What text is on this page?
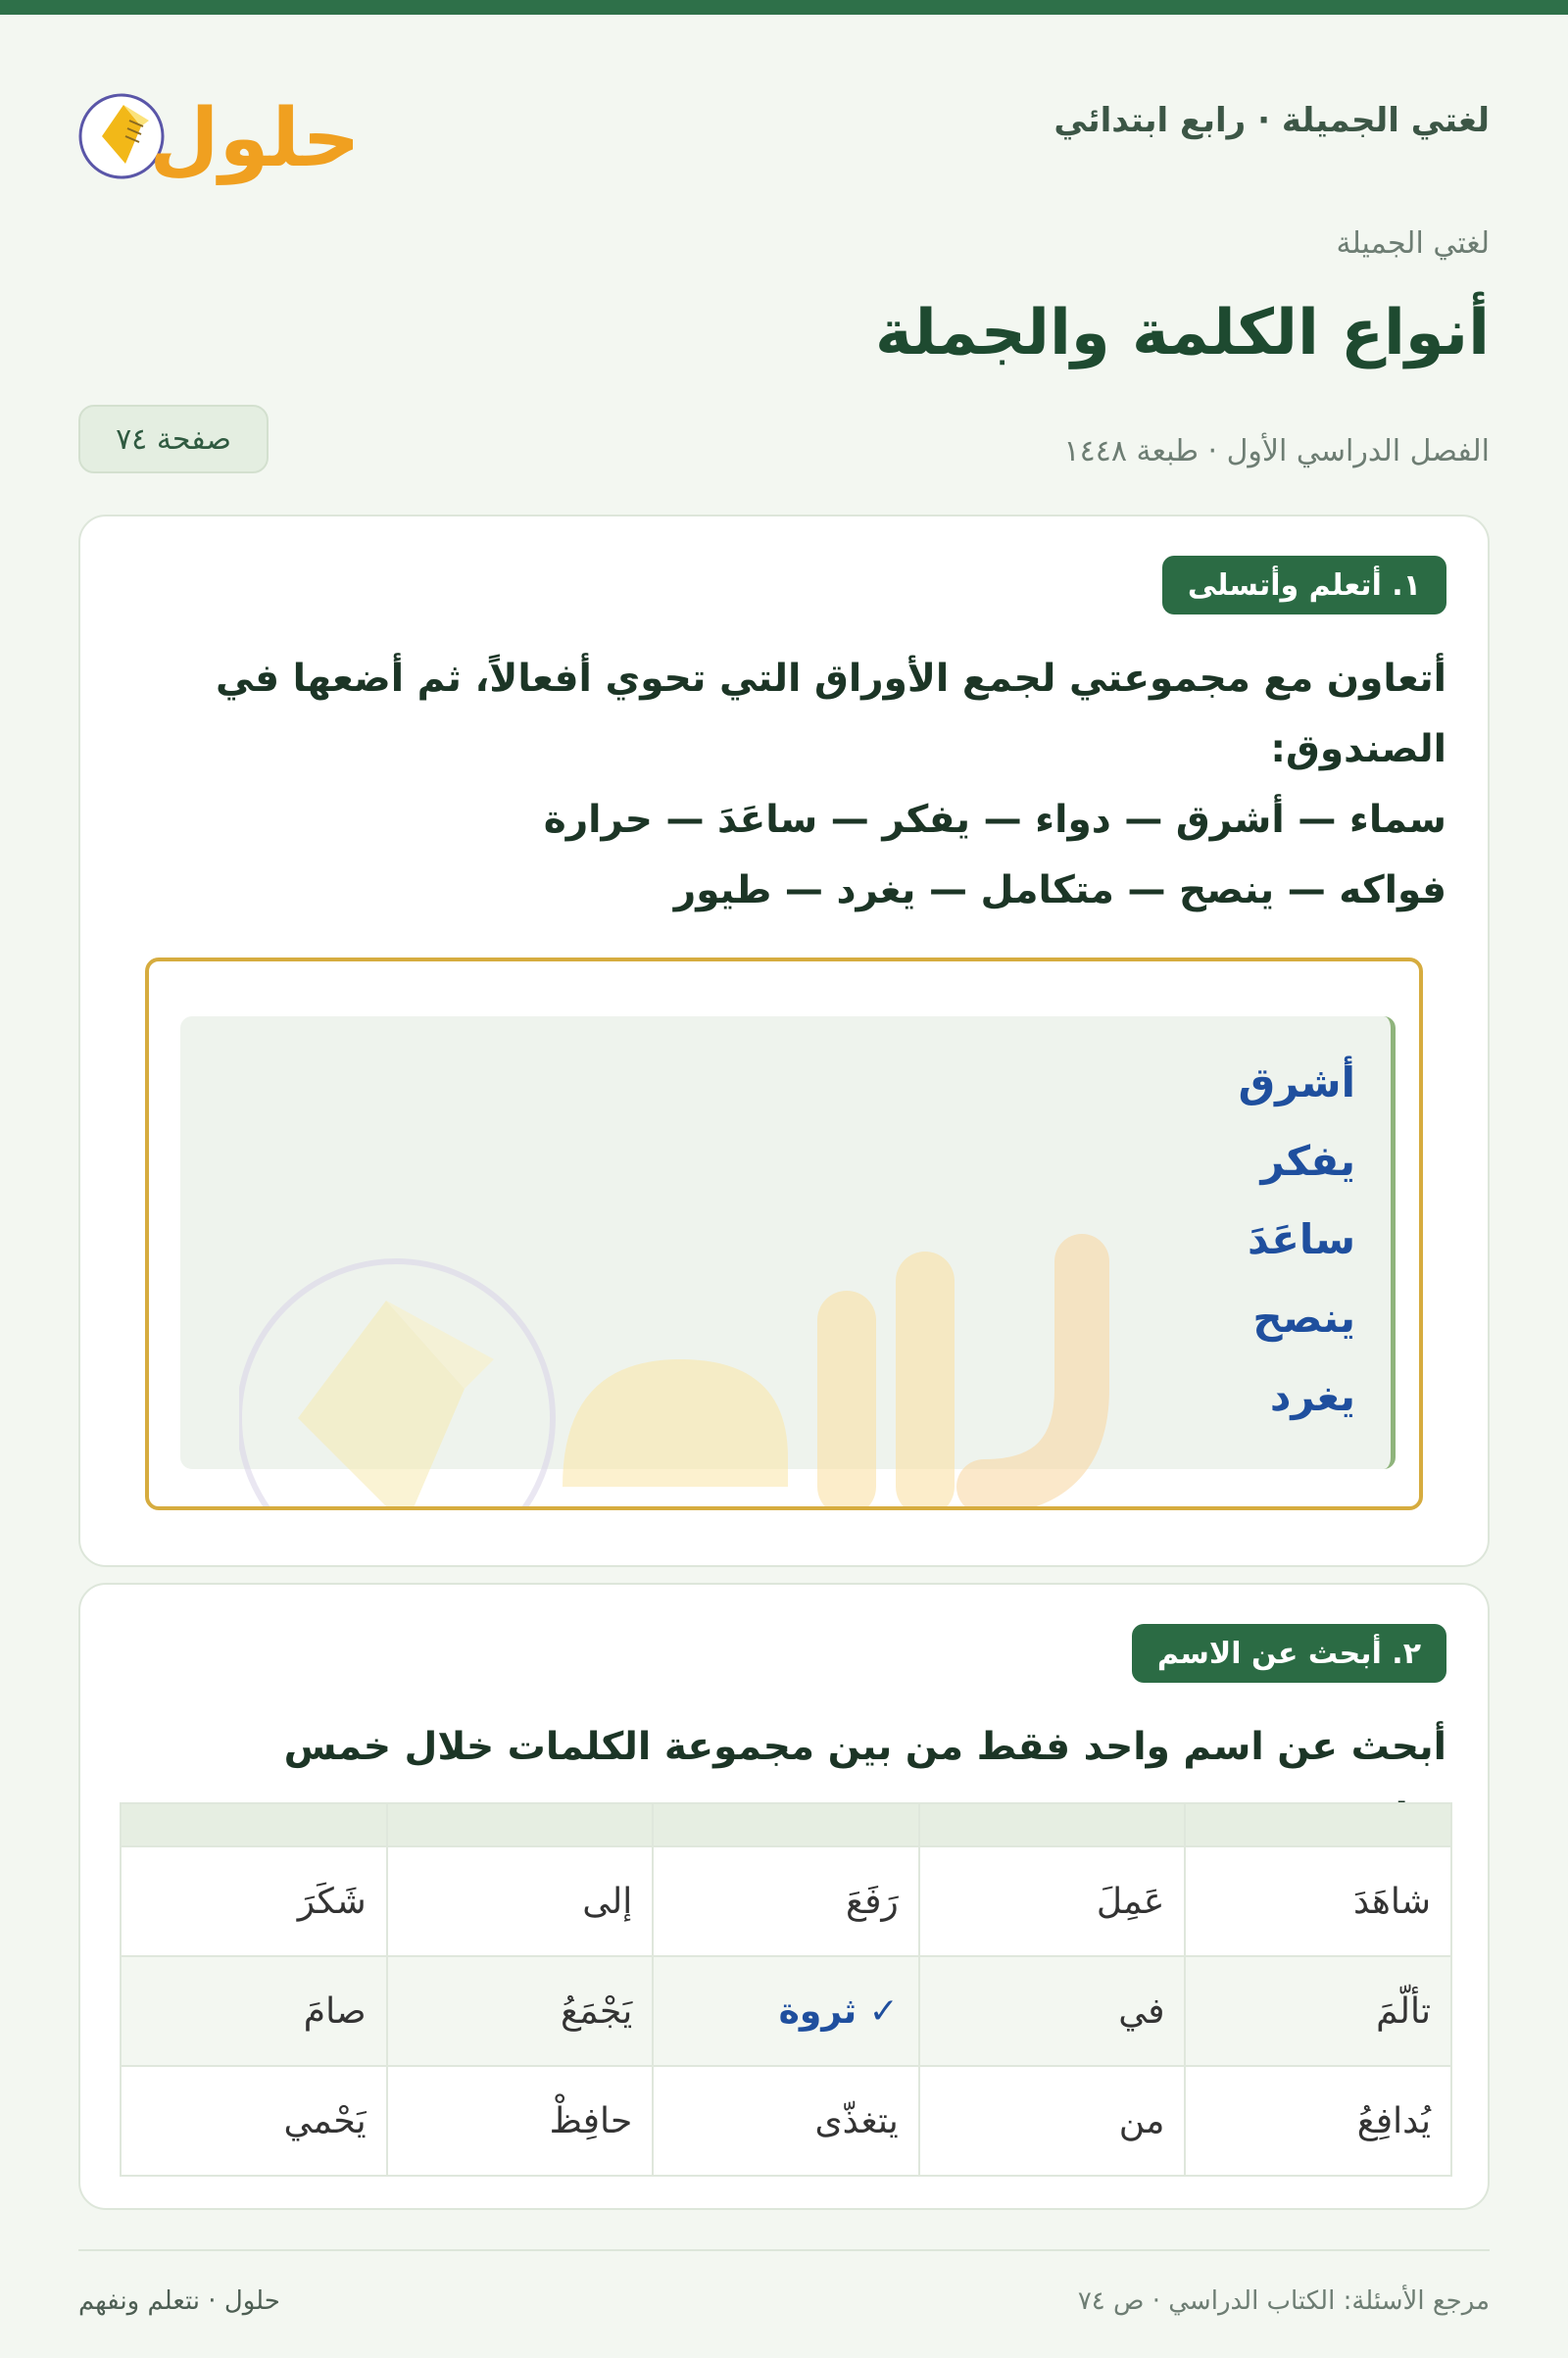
لغتي الجميلة · رابع ابتدائي
حلول
لغتي الجميلة
أنواع الكلمة والجملة
الفصل الدراسي الأول · طبعة ١٤٤٨
صفحة ٧٤
١. أتعلم وأتسلى
أتعاون مع مجموعتي لجمع الأوراق التي تحوي أفعالاً، ثم أضعها في الصندوق:
سماء — أشرق — دواء — يفكر — ساعَدَ — حرارة
فواكه — ينصح — متكامل — يغرد — طيور
أشرق
يفكر
ساعَدَ
ينصح
يغرد
٢. أبحث عن الاسم
أبحث عن اسم واحد فقط من بين مجموعة الكلمات خلال خمس

شاهَدَ	عَمِلَ	رَفَعَ	إلى	شَكَرَ
تألّمَ	في	✓ ثروة	يَجْمَعُ	صامَ
يُدافِعُ	من	يتغذّى	حافِظْ	يَحْمي
مرجع الأسئلة: الكتاب الدراسي · ص ٧٤
حلول · نتعلم ونفهم
